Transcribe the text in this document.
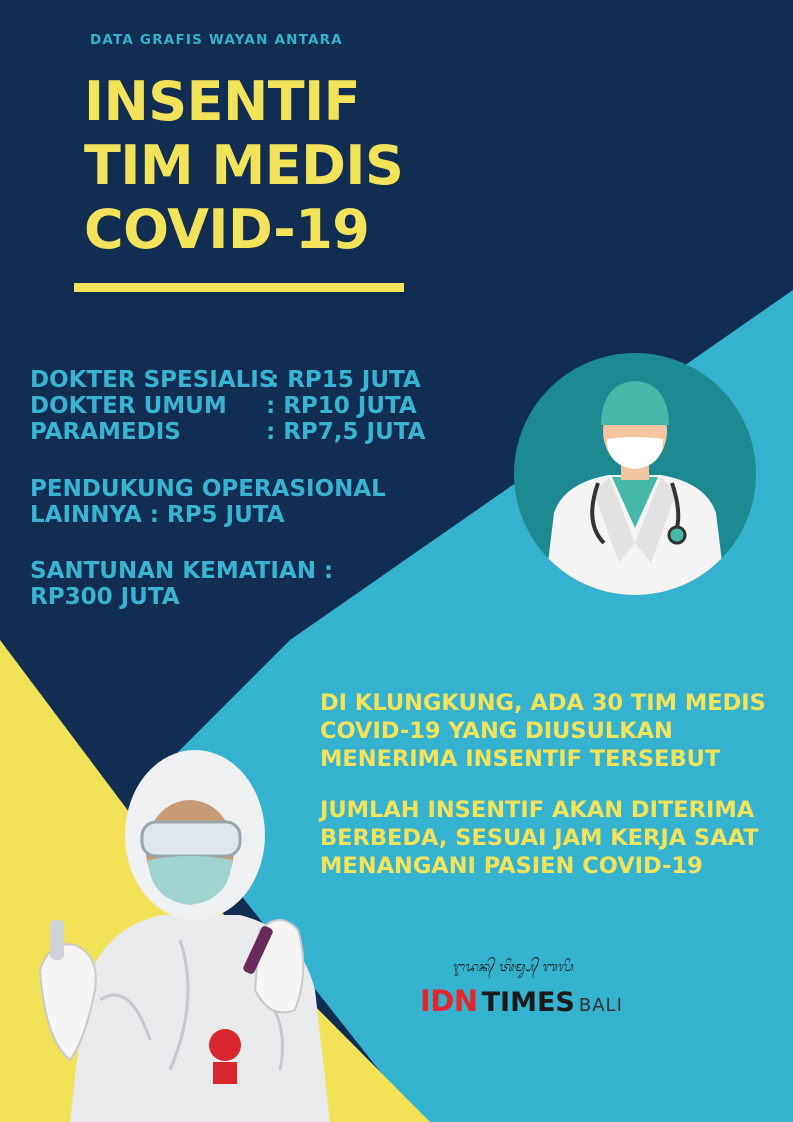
DATA GRAFIS WAYAN ANTARA
INSENTIF
TIM MEDIS
COVID-19
DOKTER SPESIALIS
: RP15 JUTA
DOKTER UMUM : RP10 JUTA
PARAMEDIS	: RP7,5 JUTA
PENDUKUNG OPERASIONAL
LAINNYA : RP5 JUTA
SANTUNAN KEMATIAN :
RP300 JUTA
DI KLUNGKUNG, ADA 30 TIM MEDIS
COVID-19 YANG DIUSULKAN
MENERIMA INSENTIF TERSEBUT
JUMLAH INSENTIF AKAN DITERIMA
BERBEDA, SESUAI JAM KERJA SAAT
MENANGANI PASIEN COVID-19
ᬇᬤᬦ᭄ ᬢᬶᬫ᭄ᬲ᭄ ᬩᬮᬶ
IDN TIMES BALI
